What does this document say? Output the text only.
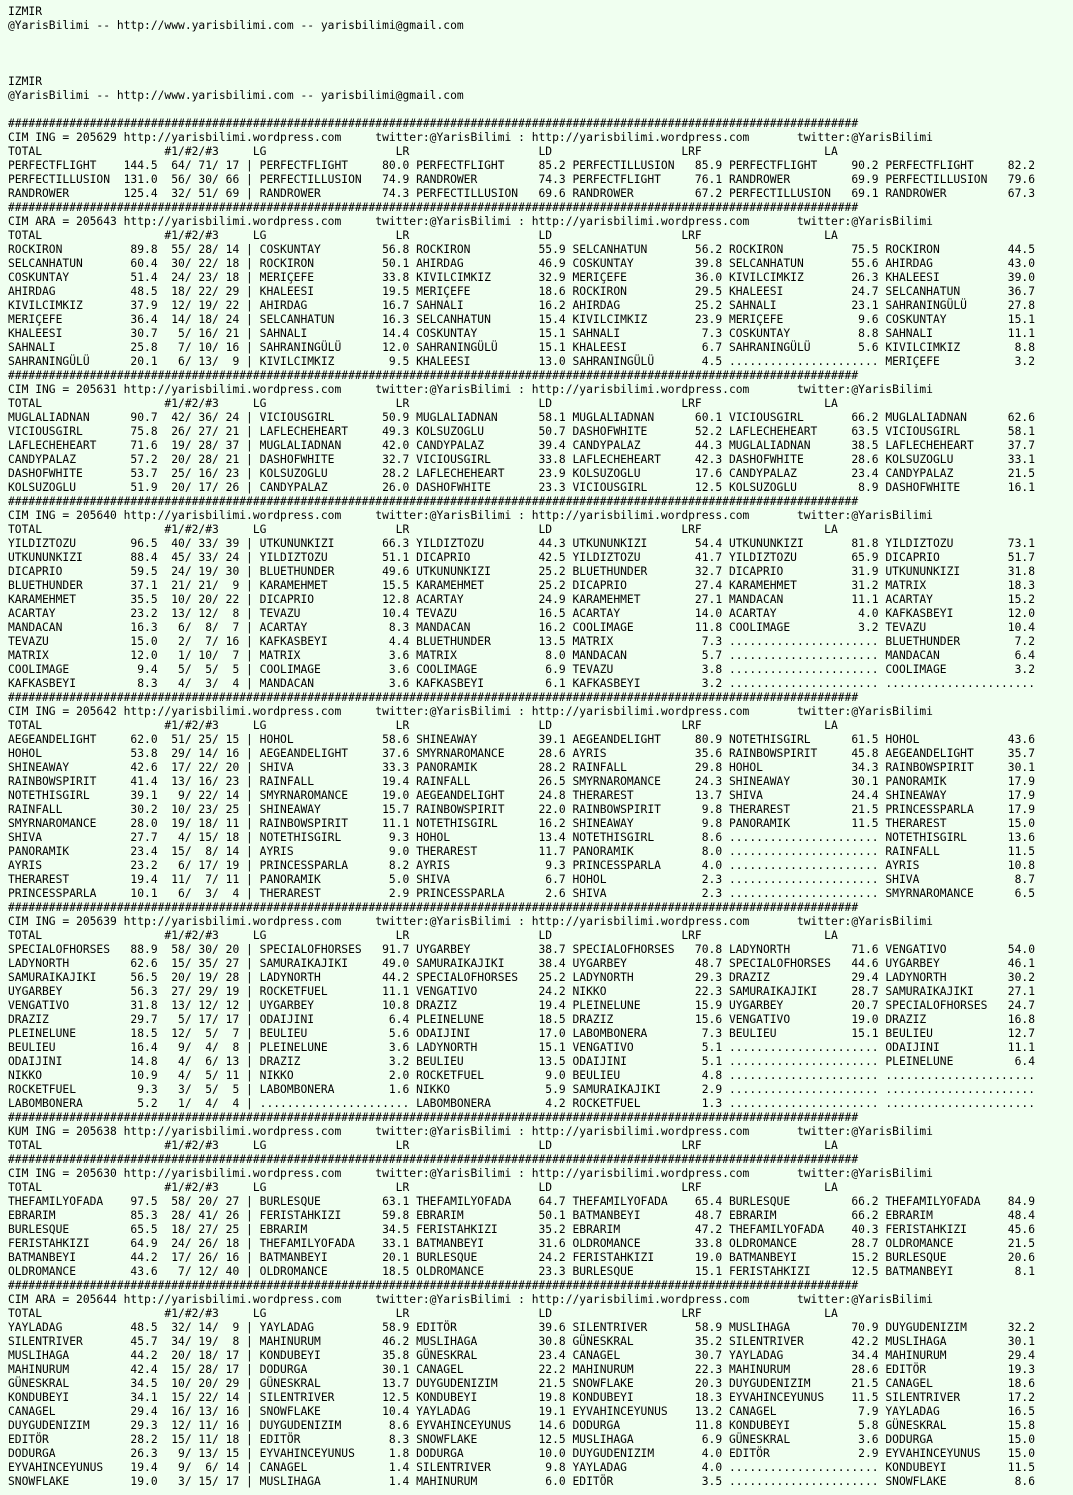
IZMIR
@YarisBilimi -- http://www.yarisbilimi.com -- yarisbilimi@gmail.com
IZMIR
@YarisBilimi -- http://www.yarisbilimi.com -- yarisbilimi@gmail.com
#############################################################################################################################
CIM ING = 205629 http://yarisbilimi.wordpress.com     twitter:@YarisBilimi : http://yarisbilimi.wordpress.com       twitter:@YarisBilimi
TOTAL                  #1/#2/#3     LG                   LR                   LD                   LRF                  LA
PERFECTFLIGHT    144.5  64/ 71/ 17 | PERFECTFLIGHT     80.0 PERFECTFLIGHT     85.2 PERFECTILLUSION   85.9 PERFECTFLIGHT     90.2 PERFECTFLIGHT     82.2
PERFECTILLUSION  131.0  56/ 30/ 66 | PERFECTILLUSION   74.9 RANDROWER         74.3 PERFECTFLIGHT     76.1 RANDROWER         69.9 PERFECTILLUSION   79.6
RANDROWER        125.4  32/ 51/ 69 | RANDROWER         74.3 PERFECTILLUSION   69.6 RANDROWER         67.2 PERFECTILLUSION   69.1 RANDROWER         67.3
#############################################################################################################################
CIM ARA = 205643 http://yarisbilimi.wordpress.com     twitter:@YarisBilimi : http://yarisbilimi.wordpress.com       twitter:@YarisBilimi
TOTAL                  #1/#2/#3     LG                   LR                   LD                   LRF                  LA
ROCKIRON          89.8  55/ 28/ 14 | COSKUNTAY         56.8 ROCKIRON          55.9 SELCANHATUN       56.2 ROCKIRON          75.5 ROCKIRON          44.5
SELCANHATUN       60.4  30/ 22/ 18 | ROCKIRON          50.1 AHIRDAG           46.9 COSKUNTAY         39.8 SELCANHATUN       55.6 AHIRDAG           43.0
COSKUNTAY         51.4  24/ 23/ 18 | MERIÇEFE          33.8 KIVILCIMKIZ       32.9 MERIÇEFE          36.0 KIVILCIMKIZ       26.3 KHALEESI          39.0
AHIRDAG           48.5  18/ 22/ 29 | KHALEESI          19.5 MERIÇEFE          18.6 ROCKIRON          29.5 KHALEESI          24.7 SELCANHATUN       36.7
KIVILCIMKIZ       37.9  12/ 19/ 22 | AHIRDAG           16.7 SAHNALI           16.2 AHIRDAG           25.2 SAHNALI           23.1 SAHRANINGÜLÜ      27.8
MERIÇEFE          36.4  14/ 18/ 24 | SELCANHATUN       16.3 SELCANHATUN       15.4 KIVILCIMKIZ       23.9 MERIÇEFE           9.6 COSKUNTAY         15.1
KHALEESI          30.7   5/ 16/ 21 | SAHNALI           14.4 COSKUNTAY         15.1 SAHNALI            7.3 COSKUNTAY          8.8 SAHNALI           11.1
SAHNALI           25.8   7/ 10/ 16 | SAHRANINGÜLÜ      12.0 SAHRANINGÜLÜ      15.1 KHALEESI           6.7 SAHRANINGÜLÜ       5.6 KIVILCIMKIZ        8.8
SAHRANINGÜLÜ      20.1   6/ 13/  9 | KIVILCIMKIZ        9.5 KHALEESI          13.0 SAHRANINGÜLÜ       4.5 ...................... MERIÇEFE           3.2
#############################################################################################################################
CIM ING = 205631 http://yarisbilimi.wordpress.com     twitter:@YarisBilimi : http://yarisbilimi.wordpress.com       twitter:@YarisBilimi
TOTAL                  #1/#2/#3     LG                   LR                   LD                   LRF                  LA
MUGLALIADNAN      90.7  42/ 36/ 24 | VICIOUSGIRL       50.9 MUGLALIADNAN      58.1 MUGLALIADNAN      60.1 VICIOUSGIRL       66.2 MUGLALIADNAN      62.6
VICIOUSGIRL       75.8  26/ 27/ 21 | LAFLECHEHEART     49.3 KOLSUZOGLU        50.7 DASHOFWHITE       52.2 LAFLECHEHEART     63.5 VICIOUSGIRL       58.1
LAFLECHEHEART     71.6  19/ 28/ 37 | MUGLALIADNAN      42.0 CANDYPALAZ        39.4 CANDYPALAZ        44.3 MUGLALIADNAN      38.5 LAFLECHEHEART     37.7
CANDYPALAZ        57.2  20/ 28/ 21 | DASHOFWHITE       32.7 VICIOUSGIRL       33.8 LAFLECHEHEART     42.3 DASHOFWHITE       28.6 KOLSUZOGLU        33.1
DASHOFWHITE       53.7  25/ 16/ 23 | KOLSUZOGLU        28.2 LAFLECHEHEART     23.9 KOLSUZOGLU        17.6 CANDYPALAZ        23.4 CANDYPALAZ        21.5
KOLSUZOGLU        51.9  20/ 17/ 26 | CANDYPALAZ        26.0 DASHOFWHITE       23.3 VICIOUSGIRL       12.5 KOLSUZOGLU         8.9 DASHOFWHITE       16.1
#############################################################################################################################
CIM ING = 205640 http://yarisbilimi.wordpress.com     twitter:@YarisBilimi : http://yarisbilimi.wordpress.com       twitter:@YarisBilimi
TOTAL                  #1/#2/#3     LG                   LR                   LD                   LRF                  LA
YILDIZTOZU        96.5  40/ 33/ 39 | UTKUNUNKIZI       66.3 YILDIZTOZU        44.3 UTKUNUNKIZI       54.4 UTKUNUNKIZI       81.8 YILDIZTOZU        73.1
UTKUNUNKIZI       88.4  45/ 33/ 24 | YILDIZTOZU        51.1 DICAPRIO          42.5 YILDIZTOZU        41.7 YILDIZTOZU        65.9 DICAPRIO          51.7
DICAPRIO          59.5  24/ 19/ 30 | BLUETHUNDER       49.6 UTKUNUNKIZI       25.2 BLUETHUNDER       32.7 DICAPRIO          31.9 UTKUNUNKIZI       31.8
BLUETHUNDER       37.1  21/ 21/  9 | KARAMEHMET        15.5 KARAMEHMET        25.2 DICAPRIO          27.4 KARAMEHMET        31.2 MATRIX            18.3
KARAMEHMET        35.5  10/ 20/ 22 | DICAPRIO          12.8 ACARTAY           24.9 KARAMEHMET        27.1 MANDACAN          11.1 ACARTAY           15.2
ACARTAY           23.2  13/ 12/  8 | TEVAZU            10.4 TEVAZU            16.5 ACARTAY           14.0 ACARTAY            4.0 KAFKASBEYI        12.0
MANDACAN          16.3   6/  8/  7 | ACARTAY            8.3 MANDACAN          16.2 COOLIMAGE         11.8 COOLIMAGE          3.2 TEVAZU            10.4
TEVAZU            15.0   2/  7/ 16 | KAFKASBEYI         4.4 BLUETHUNDER       13.5 MATRIX             7.3 ...................... BLUETHUNDER        7.2
MATRIX            12.0   1/ 10/  7 | MATRIX             3.6 MATRIX             8.0 MANDACAN           5.7 ...................... MANDACAN           6.4
COOLIMAGE          9.4   5/  5/  5 | COOLIMAGE          3.6 COOLIMAGE          6.9 TEVAZU             3.8 ...................... COOLIMAGE          3.2
KAFKASBEYI         8.3   4/  3/  4 | MANDACAN           3.6 KAFKASBEYI         6.1 KAFKASBEYI         3.2 ...................... ......................
#############################################################################################################################
CIM ING = 205642 http://yarisbilimi.wordpress.com     twitter:@YarisBilimi : http://yarisbilimi.wordpress.com       twitter:@YarisBilimi
TOTAL                  #1/#2/#3     LG                   LR                   LD                   LRF                  LA
AEGEANDELIGHT     62.0  51/ 25/ 15 | HOHOL             58.6 SHINEAWAY         39.1 AEGEANDELIGHT     80.9 NOTETHISGIRL      61.5 HOHOL             43.6
HOHOL             53.8  29/ 14/ 16 | AEGEANDELIGHT     37.6 SMYRNAROMANCE     28.6 AYRIS             35.6 RAINBOWSPIRIT     45.8 AEGEANDELIGHT     35.7
SHINEAWAY         42.6  17/ 22/ 20 | SHIVA             33.3 PANORAMIK         28.2 RAINFALL          29.8 HOHOL             34.3 RAINBOWSPIRIT     30.1
RAINBOWSPIRIT     41.4  13/ 16/ 23 | RAINFALL          19.4 RAINFALL          26.5 SMYRNAROMANCE     24.3 SHINEAWAY         30.1 PANORAMIK         17.9
NOTETHISGIRL      39.1   9/ 22/ 14 | SMYRNAROMANCE     19.0 AEGEANDELIGHT     24.8 THERAREST         13.7 SHIVA             24.4 SHINEAWAY         17.9
RAINFALL          30.2  10/ 23/ 25 | SHINEAWAY         15.7 RAINBOWSPIRIT     22.0 RAINBOWSPIRIT      9.8 THERAREST         21.5 PRINCESSPARLA     17.9
SMYRNAROMANCE     28.0  19/ 18/ 11 | RAINBOWSPIRIT     11.1 NOTETHISGIRL      16.2 SHINEAWAY          9.8 PANORAMIK         11.5 THERAREST         15.0
SHIVA             27.7   4/ 15/ 18 | NOTETHISGIRL       9.3 HOHOL             13.4 NOTETHISGIRL       8.6 ...................... NOTETHISGIRL      13.6
PANORAMIK         23.4  15/  8/ 14 | AYRIS              9.0 THERAREST         11.7 PANORAMIK          8.0 ...................... RAINFALL          11.5
AYRIS             23.2   6/ 17/ 19 | PRINCESSPARLA      8.2 AYRIS              9.3 PRINCESSPARLA      4.0 ...................... AYRIS             10.8
THERAREST         19.4  11/  7/ 11 | PANORAMIK          5.0 SHIVA              6.7 HOHOL              2.3 ...................... SHIVA              8.7
PRINCESSPARLA     10.1   6/  3/  4 | THERAREST          2.9 PRINCESSPARLA      2.6 SHIVA              2.3 ...................... SMYRNAROMANCE      6.5
#############################################################################################################################
CIM ING = 205639 http://yarisbilimi.wordpress.com     twitter:@YarisBilimi : http://yarisbilimi.wordpress.com       twitter:@YarisBilimi
TOTAL                  #1/#2/#3     LG                   LR                   LD                   LRF                  LA
SPECIALOFHORSES   88.9  58/ 30/ 20 | SPECIALOFHORSES   91.7 UYGARBEY          38.7 SPECIALOFHORSES   70.8 LADYNORTH         71.6 VENGATIVO         54.0
LADYNORTH         62.6  15/ 35/ 27 | SAMURAIKAJIKI     49.0 SAMURAIKAJIKI     38.4 UYGARBEY          48.7 SPECIALOFHORSES   44.6 UYGARBEY          46.1
SAMURAIKAJIKI     56.5  20/ 19/ 28 | LADYNORTH         44.2 SPECIALOFHORSES   25.2 LADYNORTH         29.3 DRAZIZ            29.4 LADYNORTH         30.2
UYGARBEY          56.3  27/ 29/ 19 | ROCKETFUEL        11.1 VENGATIVO         24.2 NIKKO             22.3 SAMURAIKAJIKI     28.7 SAMURAIKAJIKI     27.1
VENGATIVO         31.8  13/ 12/ 12 | UYGARBEY          10.8 DRAZIZ            19.4 PLEINELUNE        15.9 UYGARBEY          20.7 SPECIALOFHORSES   24.7
DRAZIZ            29.7   5/ 17/ 17 | ODAIJINI           6.4 PLEINELUNE        18.5 DRAZIZ            15.6 VENGATIVO         19.0 DRAZIZ            16.8
PLEINELUNE        18.5  12/  5/  7 | BEULIEU            5.6 ODAIJINI          17.0 LABOMBONERA        7.3 BEULIEU           15.1 BEULIEU           12.7
BEULIEU           16.4   9/  4/  8 | PLEINELUNE         3.6 LADYNORTH         15.1 VENGATIVO          5.1 ...................... ODAIJINI          11.1
ODAIJINI          14.8   4/  6/ 13 | DRAZIZ             3.2 BEULIEU           13.5 ODAIJINI           5.1 ...................... PLEINELUNE         6.4
NIKKO             10.9   4/  5/ 11 | NIKKO              2.0 ROCKETFUEL         9.0 BEULIEU            4.8 ...................... ......................
ROCKETFUEL         9.3   3/  5/  5 | LABOMBONERA        1.6 NIKKO              5.9 SAMURAIKAJIKI      2.9 ...................... ......................
LABOMBONERA        5.2   1/  4/  4 | ...................... LABOMBONERA        4.2 ROCKETFUEL         1.3 ...................... ......................
#############################################################################################################################
KUM ING = 205638 http://yarisbilimi.wordpress.com     twitter:@YarisBilimi : http://yarisbilimi.wordpress.com       twitter:@YarisBilimi
TOTAL                  #1/#2/#3     LG                   LR                   LD                   LRF                  LA
#############################################################################################################################
CIM ING = 205630 http://yarisbilimi.wordpress.com     twitter:@YarisBilimi : http://yarisbilimi.wordpress.com       twitter:@YarisBilimi
TOTAL                  #1/#2/#3     LG                   LR                   LD                   LRF                  LA
THEFAMILYOFADA    97.5  58/ 20/ 27 | BURLESQUE         63.1 THEFAMILYOFADA    64.7 THEFAMILYOFADA    65.4 BURLESQUE         66.2 THEFAMILYOFADA    84.9
EBRARIM           85.3  28/ 41/ 26 | FERISTAHKIZI      59.8 EBRARIM           50.1 BATMANBEYI        48.7 EBRARIM           66.2 EBRARIM           48.4
BURLESQUE         65.5  18/ 27/ 25 | EBRARIM           34.5 FERISTAHKIZI      35.2 EBRARIM           47.2 THEFAMILYOFADA    40.3 FERISTAHKIZI      45.6
FERISTAHKIZI      64.9  24/ 26/ 18 | THEFAMILYOFADA    33.1 BATMANBEYI        31.6 OLDROMANCE        33.8 OLDROMANCE        28.7 OLDROMANCE        21.5
BATMANBEYI        44.2  17/ 26/ 16 | BATMANBEYI        20.1 BURLESQUE         24.2 FERISTAHKIZI      19.0 BATMANBEYI        15.2 BURLESQUE         20.6
OLDROMANCE        43.6   7/ 12/ 40 | OLDROMANCE        18.5 OLDROMANCE        23.3 BURLESQUE         15.1 FERISTAHKIZI      12.5 BATMANBEYI         8.1
#############################################################################################################################
CIM ARA = 205644 http://yarisbilimi.wordpress.com     twitter:@YarisBilimi : http://yarisbilimi.wordpress.com       twitter:@YarisBilimi
TOTAL                  #1/#2/#3     LG                   LR                   LD                   LRF                  LA
YAYLADAG          48.5  32/ 14/  9 | YAYLADAG          58.9 EDITÖR            39.6 SILENTRIVER       58.9 MUSLIHAGA         70.9 DUYGUDENIZIM      32.2
SILENTRIVER       45.7  34/ 19/  8 | MAHINURUM         46.2 MUSLIHAGA         30.8 GÜNESKRAL         35.2 SILENTRIVER       42.2 MUSLIHAGA         30.1
MUSLIHAGA         44.2  20/ 18/ 17 | KONDUBEYI         35.8 GÜNESKRAL         23.4 CANAGEL           30.7 YAYLADAG          34.4 MAHINURUM         29.4
MAHINURUM         42.4  15/ 28/ 17 | DODURGA           30.1 CANAGEL           22.2 MAHINURUM         22.3 MAHINURUM         28.6 EDITÖR            19.3
GÜNESKRAL         34.5  10/ 20/ 29 | GÜNESKRAL         13.7 DUYGUDENIZIM      21.5 SNOWFLAKE         20.3 DUYGUDENIZIM      21.5 CANAGEL           18.6
KONDUBEYI         34.1  15/ 22/ 14 | SILENTRIVER       12.5 KONDUBEYI         19.8 KONDUBEYI         18.3 EYVAHINCEYUNUS    11.5 SILENTRIVER       17.2
CANAGEL           29.4  16/ 13/ 16 | SNOWFLAKE         10.4 YAYLADAG          19.1 EYVAHINCEYUNUS    13.2 CANAGEL            7.9 YAYLADAG          16.5
DUYGUDENIZIM      29.3  12/ 11/ 16 | DUYGUDENIZIM       8.6 EYVAHINCEYUNUS    14.6 DODURGA           11.8 KONDUBEYI          5.8 GÜNESKRAL         15.8
EDITÖR            28.2  15/ 11/ 18 | EDITÖR             8.3 SNOWFLAKE         12.5 MUSLIHAGA          6.9 GÜNESKRAL          3.6 DODURGA           15.0
DODURGA           26.3   9/ 13/ 15 | EYVAHINCEYUNUS     1.8 DODURGA           10.0 DUYGUDENIZIM       4.0 EDITÖR             2.9 EYVAHINCEYUNUS    15.0
EYVAHINCEYUNUS    19.4   9/  6/ 14 | CANAGEL            1.4 SILENTRIVER        9.8 YAYLADAG           4.0 ...................... KONDUBEYI         11.5
SNOWFLAKE         19.0   3/ 15/ 17 | MUSLIHAGA          1.4 MAHINURUM          6.0 EDITÖR             3.5 ...................... SNOWFLAKE          8.6
